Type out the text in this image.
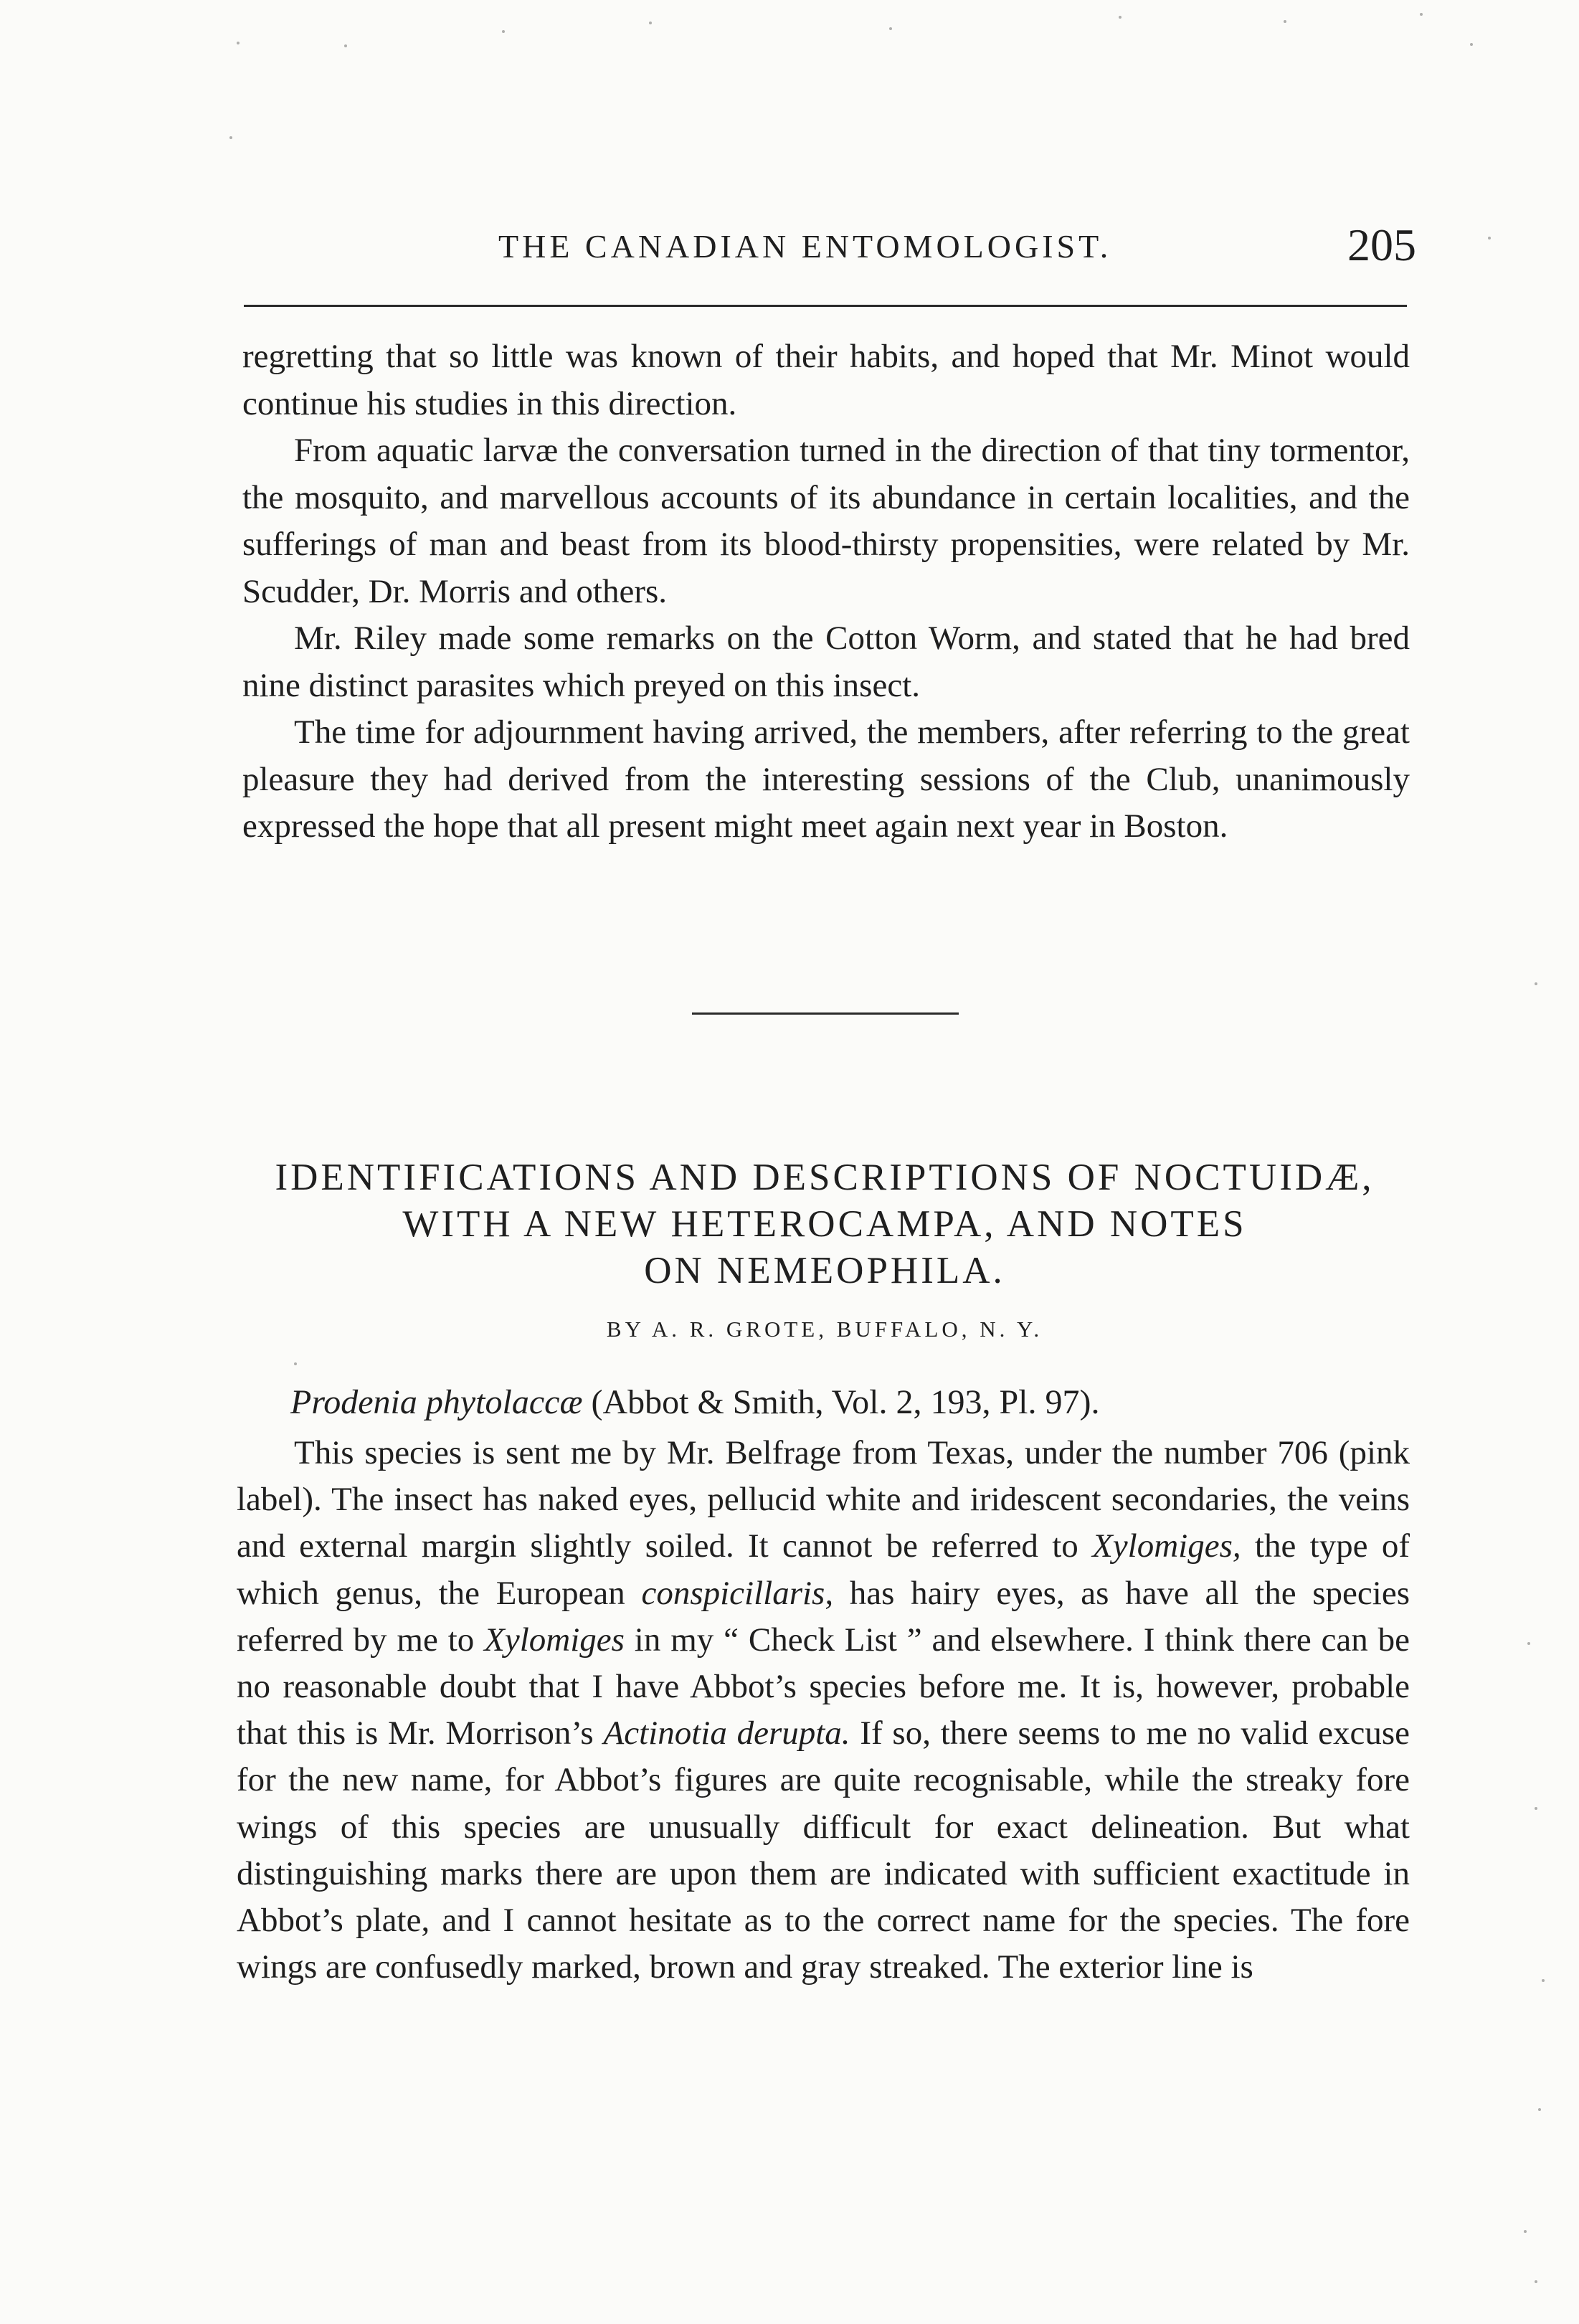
THE CANADIAN ENTOMOLOGIST.	205

regretting that so little was known of their habits, and hoped that Mr. Minot would continue his studies in this direction.

From aquatic larvæ the conversation turned in the direction of that tiny tormentor, the mosquito, and marvellous accounts of its abundance in certain localities, and the sufferings of man and beast from its blood-thirsty propensities, were related by Mr. Scudder, Dr. Morris and others.

Mr. Riley made some remarks on the Cotton Worm, and stated that he had bred nine distinct parasites which preyed on this insect.

The time for adjournment having arrived, the members, after referring to the great pleasure they had derived from the interesting sessions of the Club, unanimously expressed the hope that all present might meet again next year in Boston.

IDENTIFICATIONS AND DESCRIPTIONS OF NOCTUIDÆ,
WITH A NEW HETEROCAMPA, AND NOTES
ON NEMEOPHILA.
BY A. R. GROTE, BUFFALO, N. Y.
Prodenia phytolaccæ (Abbot & Smith, Vol. 2, 193, Pl. 97).

This species is sent me by Mr. Belfrage from Texas, under the number 706 (pink label). The insect has naked eyes, pellucid white and iridescent secondaries, the veins and external margin slightly soiled. It cannot be referred to Xylomiges, the type of which genus, the European conspicillaris, has hairy eyes, as have all the species referred by me to Xylomiges in my “ Check List ” and elsewhere. I think there can be no reasonable doubt that I have Abbot’s species before me. It is, however, probable that this is Mr. Morrison’s Actinotia derupta. If so, there seems to me no valid excuse for the new name, for Abbot’s figures are quite recognisable, while the streaky fore wings of this species are unusually difficult for exact delineation. But what distinguishing marks there are upon them are indicated with sufficient exactitude in Abbot’s plate, and I cannot hesitate as to the correct name for the species. The fore wings are confusedly marked, brown and gray streaked. The exterior line is
